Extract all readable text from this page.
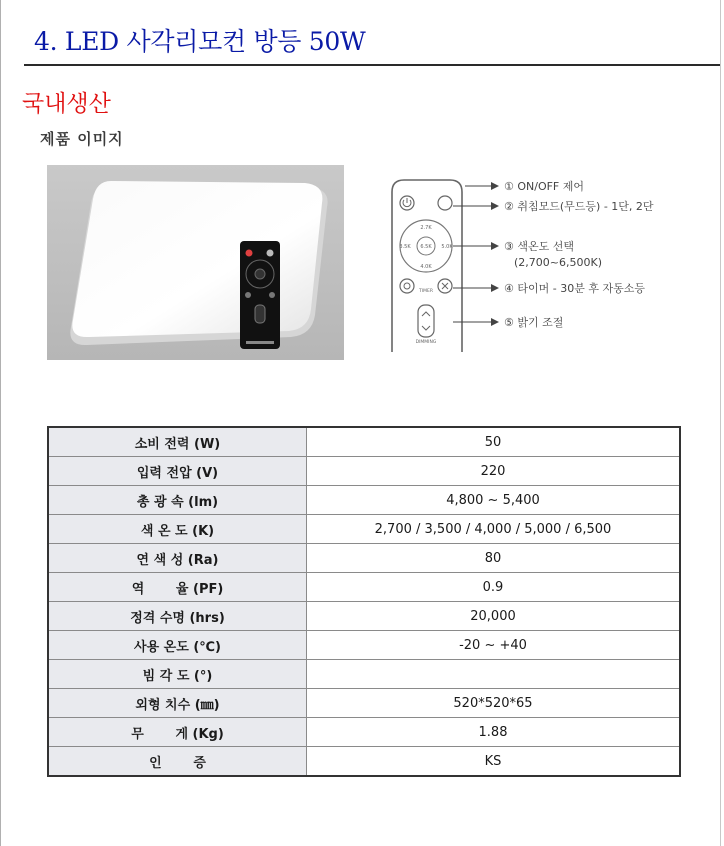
4. LED 사각리모컨 방등 50W
국내생산
제품 이미지
2.7K
3.5K 6.5K 5.0K
4.0K
TIMER
DIMMING
① ON/OFF 제어
② 취침모드(무드등) - 1단, 2단
③ 색온도 선택
(2,700~6,500K)
④ 타이머 - 30분 후 자동소등
⑤ 밝기 조절
소비 전력 (W)	50
입력 전압 (V)	220
총 광 속 (lm)	4,800 ~ 5,400
색 온 도 (K)	2,700 / 3,500 / 4,000 / 5,000 / 6,500
연 색 성 (Ra)	80
역       율 (PF)	0.9
정격 수명 (hrs)	20,000
사용 온도 (℃)	-20 ~ +40
빔 각 도 (°)	
외형 치수 (㎜)	520*520*65
무       게 (Kg)	1.88
인       증	KS
